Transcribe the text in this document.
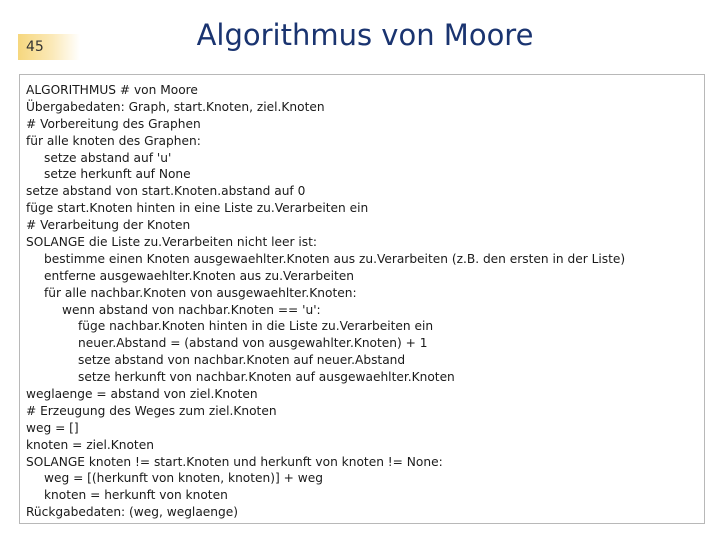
45	Algorithmus von Moore
ALGORITHMUS # von Moore
Übergabedaten: Graph, start.Knoten, ziel.Knoten
# Vorbereitung des Graphen
für alle knoten des Graphen:
setze abstand auf 'u'
setze herkunft auf None
setze abstand von start.Knoten.abstand auf 0
füge start.Knoten hinten in eine Liste zu.Verarbeiten ein
# Verarbeitung der Knoten
SOLANGE die Liste zu.Verarbeiten nicht leer ist:
bestimme einen Knoten ausgewaehlter.Knoten aus zu.Verarbeiten (z.B. den ersten in der Liste)
entferne ausgewaehlter.Knoten aus zu.Verarbeiten
für alle nachbar.Knoten von ausgewaehlter.Knoten:
wenn abstand von nachbar.Knoten == 'u':
füge nachbar.Knoten hinten in die Liste zu.Verarbeiten ein
neuer.Abstand = (abstand von ausgewahlter.Knoten) + 1
setze abstand von nachbar.Knoten auf neuer.Abstand
setze herkunft von nachbar.Knoten auf ausgewaehlter.Knoten
weglaenge = abstand von ziel.Knoten
# Erzeugung des Weges zum ziel.Knoten
weg = []
knoten = ziel.Knoten
SOLANGE knoten != start.Knoten und herkunft von knoten != None:
weg = [(herkunft von knoten, knoten)] + weg
knoten = herkunft von knoten
Rückgabedaten: (weg, weglaenge)
